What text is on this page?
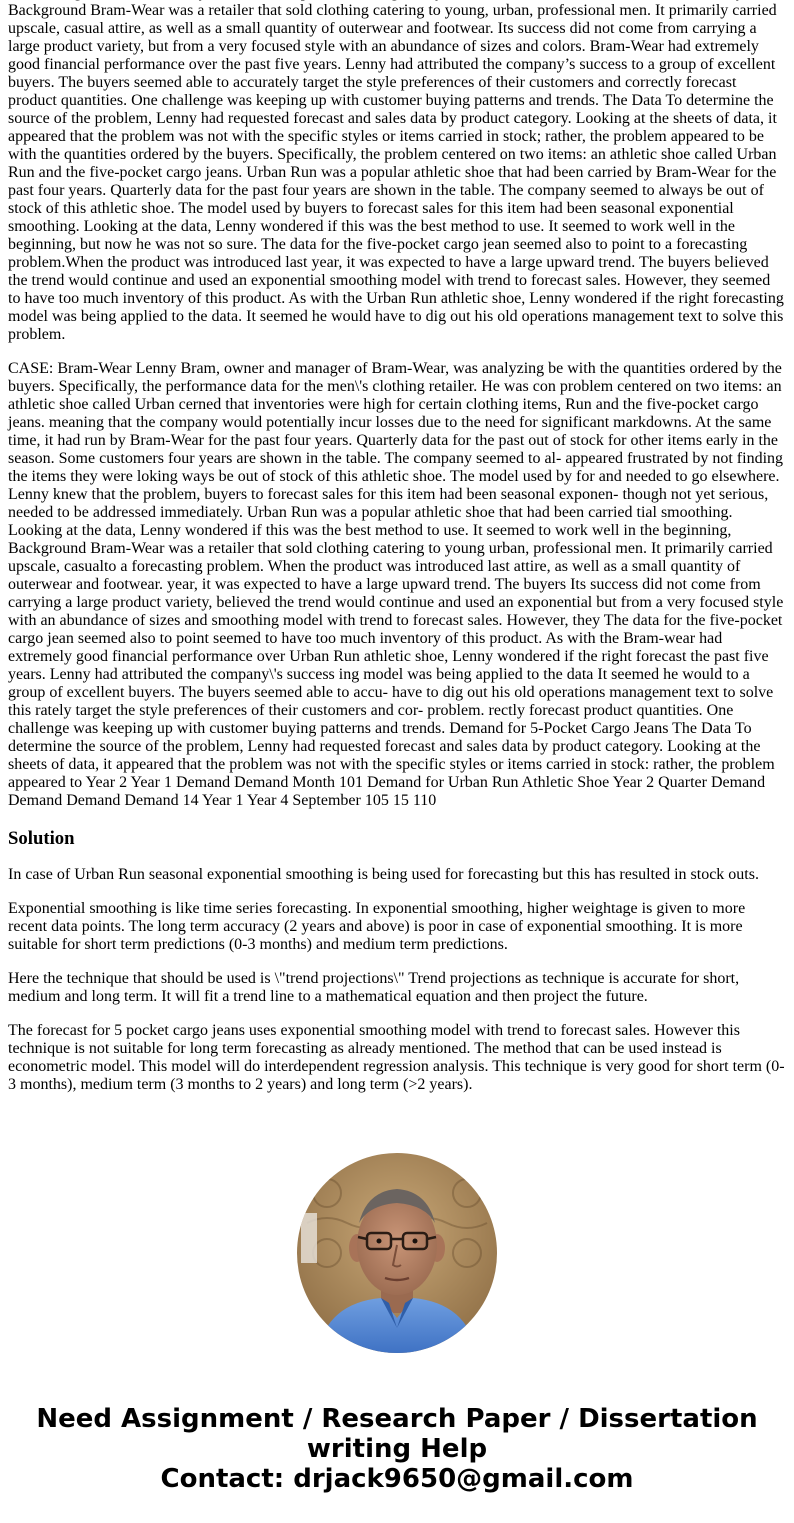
Background Bram-Wear was a retailer that sold clothing catering to young, urban, professional men. It primarily carried upscale, casual attire, as well as a small quantity of outerwear and footwear. Its success did not come from carrying a large product variety, but from a very focused style with an abundance of sizes and colors. Bram-Wear had extremely good financial performance over the past five years. Lenny had attributed the company’s success to a group of excellent buyers. The buyers seemed able to accurately target the style preferences of their customers and correctly forecast product quantities. One challenge was keeping up with customer buying patterns and trends. The Data To determine the source of the problem, Lenny had requested forecast and sales data by product category. Looking at the sheets of data, it appeared that the problem was not with the specific styles or items carried in stock; rather, the problem appeared to be with the quantities ordered by the buyers. Specifically, the problem centered on two items: an athletic shoe called Urban Run and the five-pocket cargo jeans. Urban Run was a popular athletic shoe that had been carried by Bram-Wear for the past four years. Quarterly data for the past four years are shown in the table. The company seemed to always be out of stock of this athletic shoe. The model used by buyers to forecast sales for this item had been seasonal exponential smoothing. Looking at the data, Lenny wondered if this was the best method to use. It seemed to work well in the beginning, but now he was not so sure. The data for the five-pocket cargo jean seemed also to point to a forecasting problem.When the product was introduced last year, it was expected to have a large upward trend. The buyers believed the trend would continue and used an exponential smoothing model with trend to forecast sales. However, they seemed to have too much inventory of this product. As with the Urban Run athletic shoe, Lenny wondered if the right forecasting model was being applied to the data. It seemed he would have to dig out his old operations management text to solve this problem.

CASE: Bram-Wear Lenny Bram, owner and manager of Bram-Wear, was analyzing be with the quantities ordered by the buyers. Specifically, the performance data for the men\'s clothing retailer. He was con problem centered on two items: an athletic shoe called Urban cerned that inventories were high for certain clothing items, Run and the five-pocket cargo jeans. meaning that the company would potentially incur losses due to the need for significant markdowns. At the same time, it had run by Bram-Wear for the past four years. Quarterly data for the past out of stock for other items early in the season. Some customers four years are shown in the table. The company seemed to al- appeared frustrated by not finding the items they were loking ways be out of stock of this athletic shoe. The model used by for and needed to go elsewhere. Lenny knew that the problem, buyers to forecast sales for this item had been seasonal exponen- though not yet serious, needed to be addressed immediately. Urban Run was a popular athletic shoe that had been carried tial smoothing. Looking at the data, Lenny wondered if this was the best method to use. It seemed to work well in the beginning, Background Bram-Wear was a retailer that sold clothing catering to young urban, professional men. It primarily carried upscale, casualto a forecasting problem. When the product was introduced last attire, as well as a small quantity of outerwear and footwear. year, it was expected to have a large upward trend. The buyers Its success did not come from carrying a large product variety, believed the trend would continue and used an exponential but from a very focused style with an abundance of sizes and smoothing model with trend to forecast sales. However, they The data for the five-pocket cargo jean seemed also to point seemed to have too much inventory of this product. As with the Bram-wear had extremely good financial performance over Urban Run athletic shoe, Lenny wondered if the right forecast the past five years. Lenny had attributed the company\'s success ing model was being applied to the data It seemed he would to a group of excellent buyers. The buyers seemed able to accu- have to dig out his old operations management text to solve this rately target the style preferences of their customers and cor- problem. rectly forecast product quantities. One challenge was keeping up with customer buying patterns and trends. Demand for 5-Pocket Cargo Jeans The Data To determine the source of the problem, Lenny had requested forecast and sales data by product category. Looking at the sheets of data, it appeared that the problem was not with the specific styles or items carried in stock: rather, the problem appeared to Year 2 Year 1 Demand Demand Month 101 Demand for Urban Run Athletic Shoe Year 2 Quarter Demand Demand Demand Demand 14 Year 1 Year 4 September 105 15 110

Solution

In case of Urban Run seasonal exponential smoothing is being used for forecasting but this has resulted in stock outs.

Exponential smoothing is like time series forecasting. In exponential smoothing, higher weightage is given to more recent data points. The long term accuracy (2 years and above) is poor in case of exponential smoothing. It is more suitable for short term predictions (0-3 months) and medium term predictions.

Here the technique that should be used is \"trend projections\" Trend projections as technique is accurate for short, medium and long term. It will fit a trend line to a mathematical equation and then project the future.

The forecast for 5 pocket cargo jeans uses exponential smoothing model with trend to forecast sales. However this technique is not suitable for long term forecasting as already mentioned. The method that can be used instead is econometric model. This model will do interdependent regression analysis. This technique is very good for short term (0-3 months), medium term (3 months to 2 years) and long term (>2 years).

Need Assignment / Research Paper / Dissertation
writing Help
Contact: drjack9650@gmail.com
